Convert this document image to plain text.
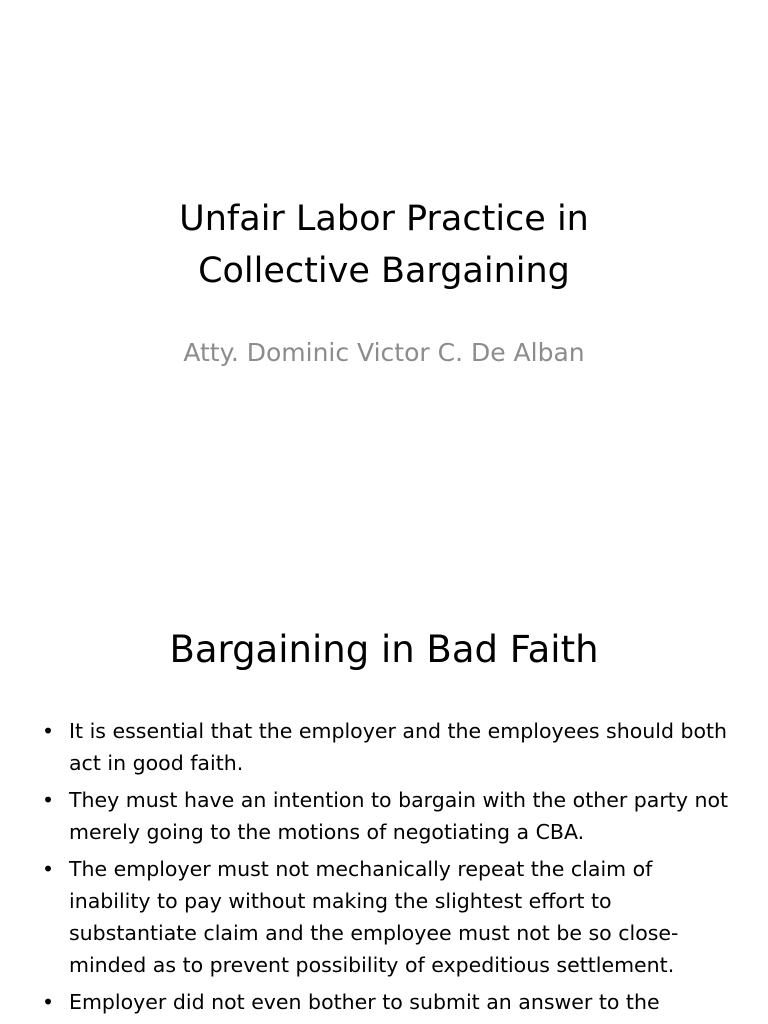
Unfair Labor Practice in
Collective Bargaining

Atty. Dominic Victor C. De Alban

Bargaining in Bad Faith
• It is essential that the employer and the employees should both act in good faith.
• They must have an intention to bargain with the other party not merely going to the motions of negotiating a CBA.
• The employer must not mechanically repeat the claim of inability to pay without making the slightest effort to substantiate claim and the employee must not be so close-minded as to prevent possibility of expeditious settlement.
• Employer did not even bother to submit an answer to the
